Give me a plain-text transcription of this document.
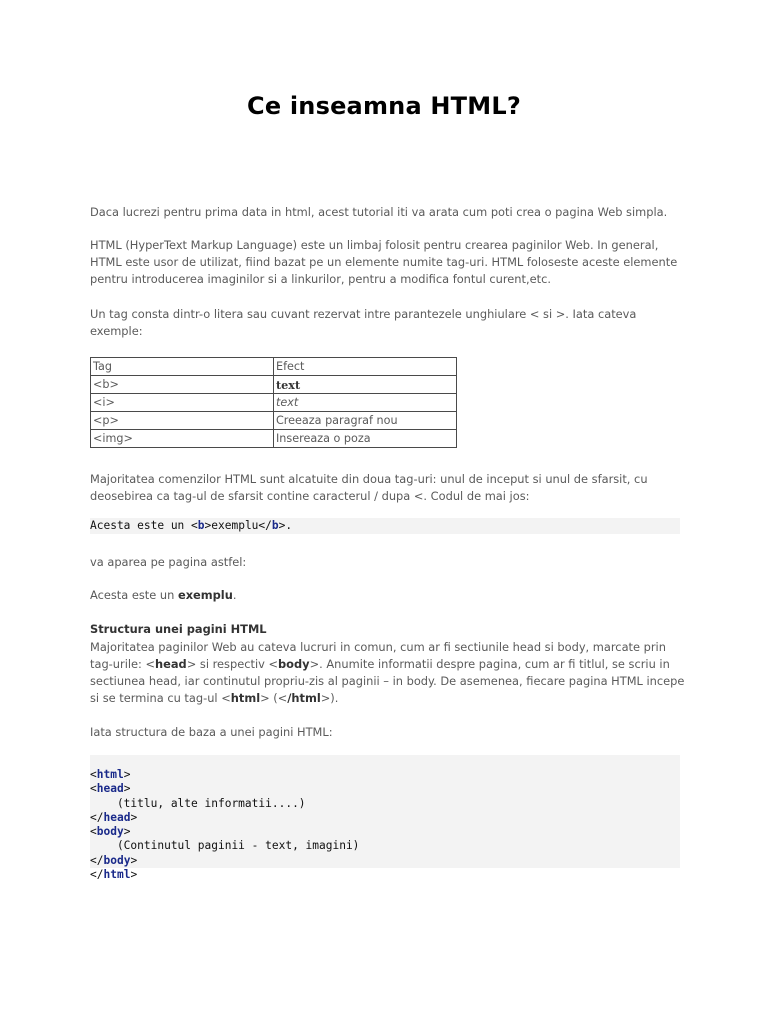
Ce inseamna HTML?

Daca lucrezi pentru prima data in html, acest tutorial iti va arata cum poti crea o pagina Web simpla.

HTML (HyperText Markup Language) este un limbaj folosit pentru crearea paginilor Web. In general, HTML este usor de utilizat, fiind bazat pe un elemente numite tag-uri. HTML foloseste aceste elemente pentru introducerea imaginilor si a linkurilor, pentru a modifica fontul curent,etc.

Un tag consta dintr-o litera sau cuvant rezervat intre parantezele unghiulare < si >. Iata cateva exemple:

Tag	Efect
<b>	text
<i>	text
<p>	Creeaza paragraf nou
<img>	Insereaza o poza

Majoritatea comenzilor HTML sunt alcatuite din doua tag-uri: unul de inceput si unul de sfarsit, cu deosebirea ca tag-ul de sfarsit contine caracterul / dupa <. Codul de mai jos:

Acesta este un <b>exemplu</b>.

va aparea pe pagina astfel:

Acesta este un exemplu.

Structura unei pagini HTML

Majoritatea paginilor Web au cateva lucruri in comun, cum ar fi sectiunile head si body, marcate prin tag-urile: <head> si respectiv <body>. Anumite informatii despre pagina, cum ar fi titlul, se scriu in sectiunea head, iar continutul propriu-zis al paginii – in body. De asemenea, fiecare pagina HTML incepe si se termina cu tag-ul <html> (</html>).

Iata structura de baza a unei pagini HTML:

<html>
<head>
(titlu, alte informatii....)
</head>
<body>
(Continutul paginii - text, imagini)
</body>
</html>
